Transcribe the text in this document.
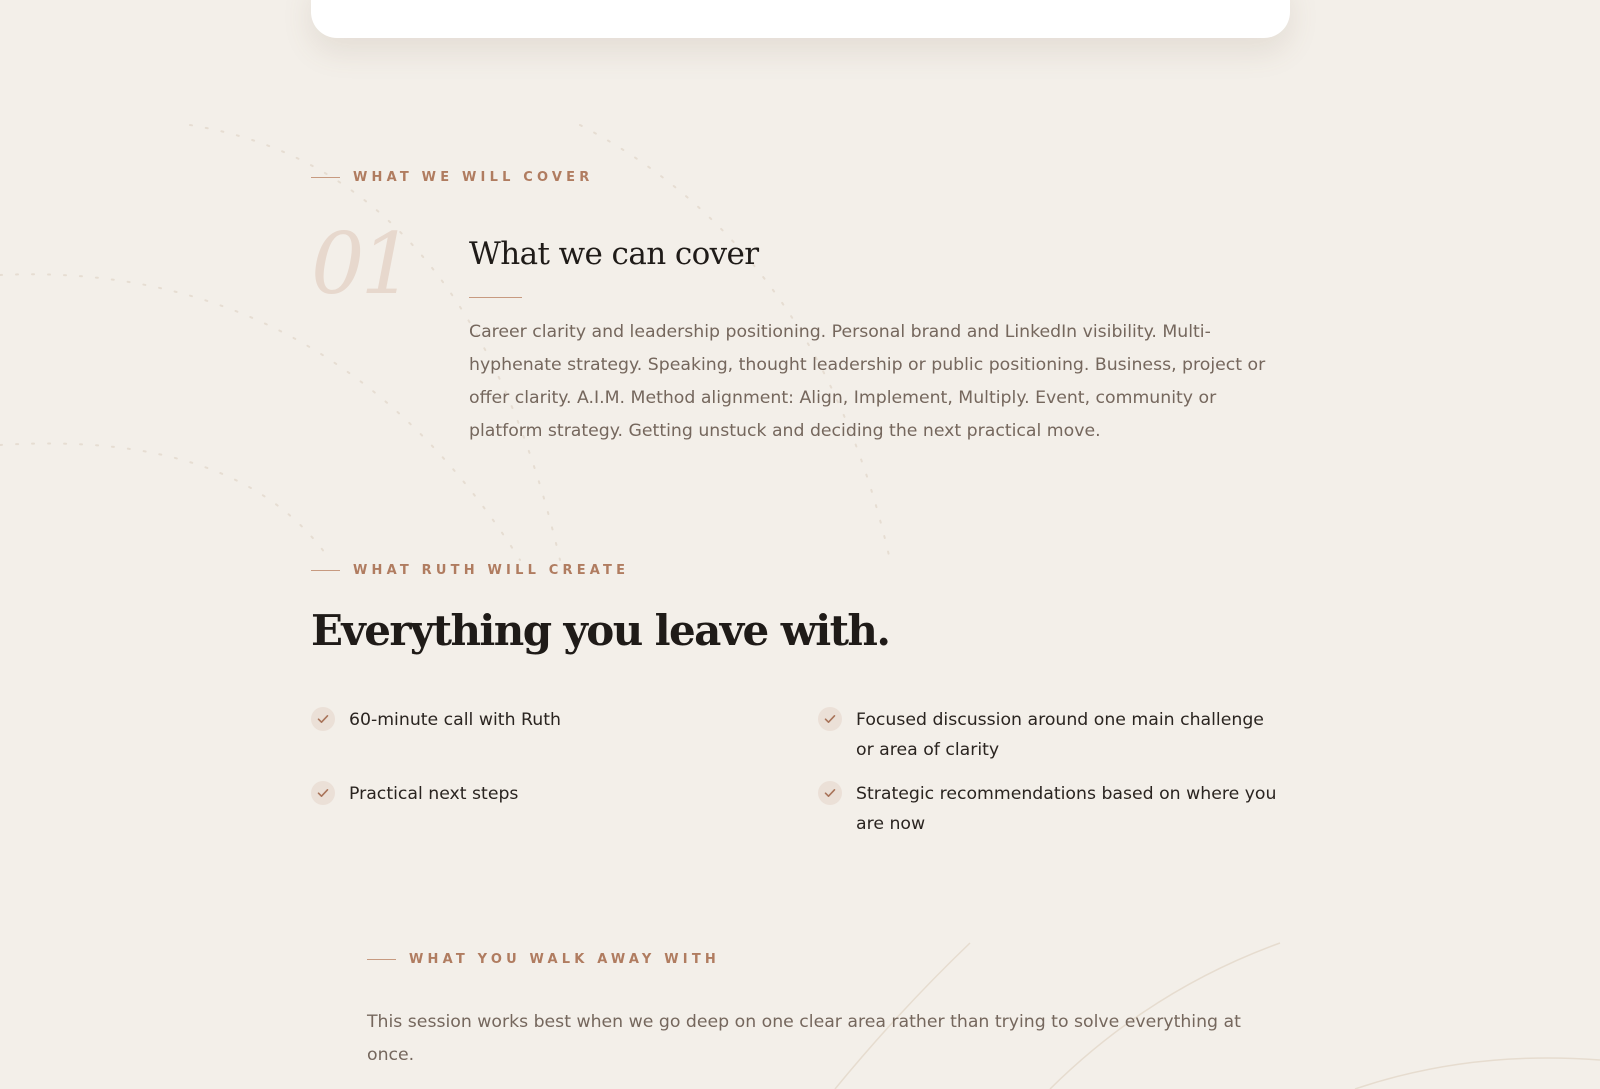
WHAT WE WILL COVER
01 What we can cover

Career clarity and leadership positioning. Personal brand and LinkedIn visibility. Multi-hyphenate strategy. Speaking, thought leadership or public positioning. Business, project or offer clarity. A.I.M. Method alignment: Align, Implement, Multiply. Event, community or platform strategy. Getting unstuck and deciding the next practical move.

WHAT RUTH WILL CREATE
Everything you leave with.
60-minute call with Ruth	Focused discussion around one main challenge or area of clarity
Practical next steps	Strategic recommendations based on where you are now
WHAT YOU WALK AWAY WITH

This session works best when we go deep on one clear area rather than trying to solve everything at once.
